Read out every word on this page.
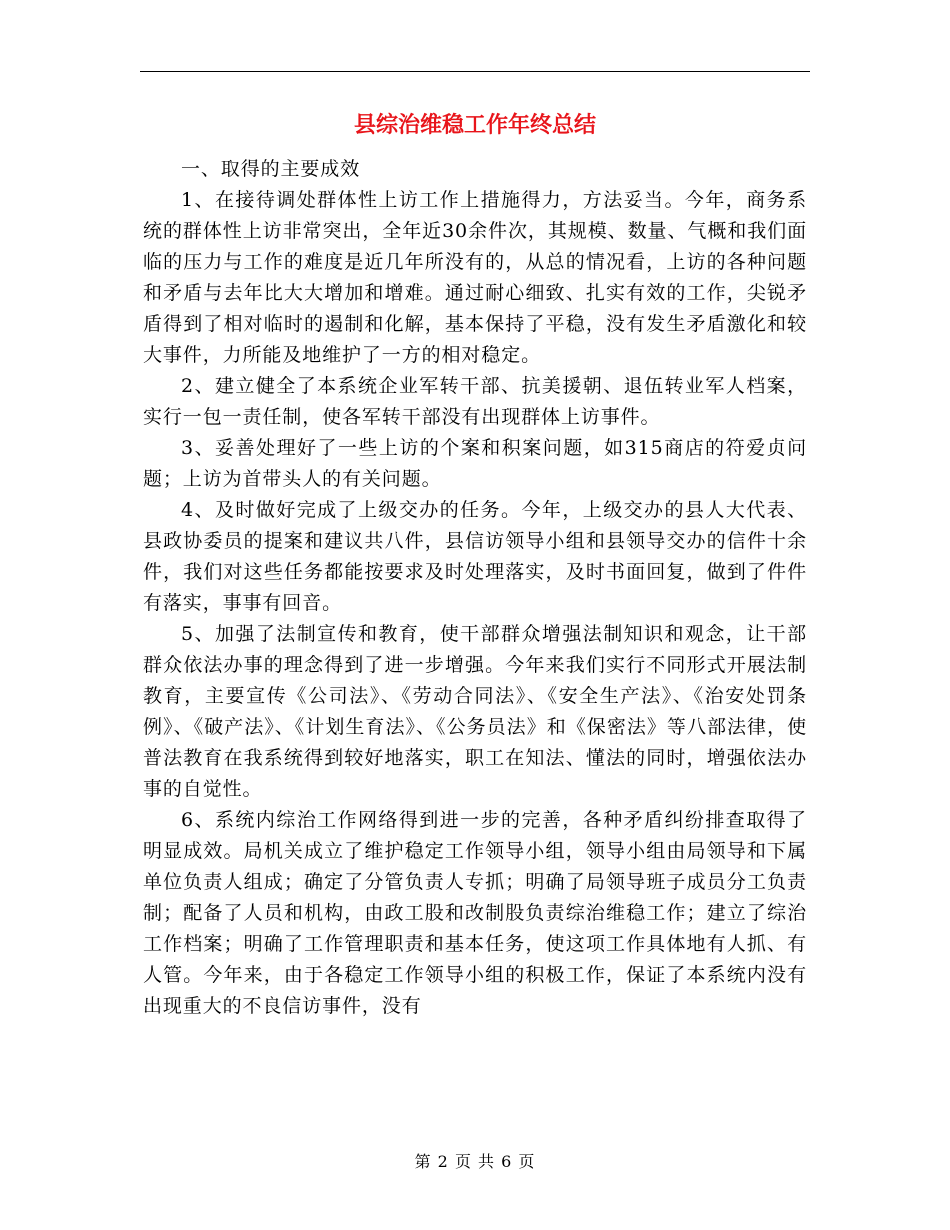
县综治维稳工作年终总结

一、取得的主要成效

1、在接待调处群体性上访工作上措施得力，方法妥当。今年，商务系统的群体性上访非常突出，全年近30余件次，其规模、数量、气概和我们面临的压力与工作的难度是近几年所没有的，从总的情况看，上访的各种问题和矛盾与去年比大大增加和增难。通过耐心细致、扎实有效的工作，尖锐矛盾得到了相对临时的遏制和化解，基本保持了平稳，没有发生矛盾激化和较大事件，力所能及地维护了一方的相对稳定。

2、建立健全了本系统企业军转干部、抗美援朝、退伍转业军人档案，实行一包一责任制，使各军转干部没有出现群体上访事件。

3、妥善处理好了一些上访的个案和积案问题，如315商店的符爱贞问题；上访为首带头人的有关问题。

4、及时做好完成了上级交办的任务。今年，上级交办的县人大代表、县政协委员的提案和建议共八件，县信访领导小组和县领导交办的信件十余件，我们对这些任务都能按要求及时处理落实，及时书面回复，做到了件件有落实，事事有回音。

5、加强了法制宣传和教育，使干部群众增强法制知识和观念，让干部群众依法办事的理念得到了进一步增强。今年来我们实行不同形式开展法制教育，主要宣传《公司法》、《劳动合同法》、《安全生产法》、《治安处罚条例》、《破产法》、《计划生育法》、《公务员法》和《保密法》等八部法律，使普法教育在我系统得到较好地落实，职工在知法、懂法的同时，增强依法办事的自觉性。

6、系统内综治工作网络得到进一步的完善，各种矛盾纠纷排查取得了明显成效。局机关成立了维护稳定工作领导小组，领导小组由局领导和下属单位负责人组成；确定了分管负责人专抓；明确了局领导班子成员分工负责制；配备了人员和机构，由政工股和改制股负责综治维稳工作；建立了综治工作档案；明确了工作管理职责和基本任务，使这项工作具体地有人抓、有人管。今年来，由于各稳定工作领导小组的积极工作，保证了本系统内没有出现重大的不良信访事件，没有

第 2 页 共 6 页
